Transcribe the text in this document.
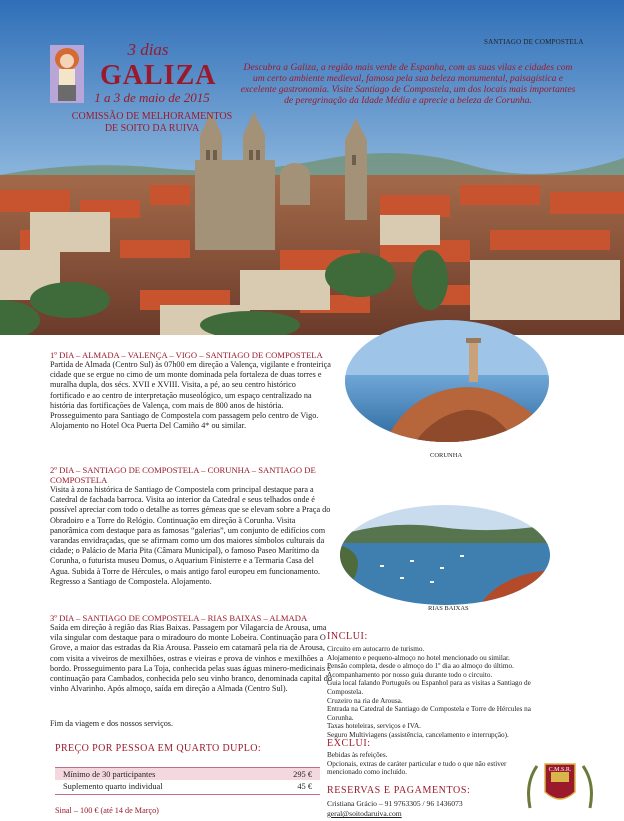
SANTIAGO DE COMPOSTELA
3 dias
GALIZA
1 a 3 de maio de 2015
COMISSÃO DE MELHORAMENTOS
DE SOITO DA RUIVA
Descubra a Galiza, a região mais verde de Espanha, com as suas vilas e cidades com um certo ambiente medieval, famosa pela sua beleza monumental, paisagística e excelente gastronomia. Visite Santiago de Compostela, um dos locais mais importantes de peregrinação da Idade Média e aprecie a beleza de Corunha.
1º DIA – ALMADA – VALENÇA – VIGO – SANTIAGO DE COMPOSTELA
Partida de Almada (Centro Sul) às 07h00 em direção a Valença, vigilante e fronteiriça cidade que se ergue no cimo de um monte dominada pela fortaleza de duas torres e muralha dupla, dos sécs. XVII e XVIII. Visita, a pé, ao seu centro histórico fortificado e ao centro de interpretação museológico, um espaço centralizado na história das fortificações de Valença, com mais de 800 anos de história. Prosseguimento para Santiago de Compostela com passagem pelo centro de Vigo. Alojamento no Hotel Oca Puerta Del Camiño 4* ou similar.
2º DIA – SANTIAGO DE COMPOSTELA – CORUNHA – SANTIAGO DE COMPOSTELA
Visita à zona histórica de Santiago de Compostela com principal destaque para a Catedral de fachada barroca. Visita ao interior da Catedral e seus telhados onde é possível apreciar com todo o detalhe as torres gémeas que se elevam sobre a Praça do Obradoiro e a Torre do Relógio. Continuação em direção à Corunha. Visita panorâmica com destaque para as famosas “galerias”, um conjunto de edifícios com varandas envidraçadas, que se afirmam como um dos maiores símbolos culturais da cidade; o Palácio de Maria Pita (Câmara Municipal), o famoso Paseo Marítimo da Corunha, o futurista museu Domus, o Aquarium Finisterre e a Termaria Casa del Agua. Subida à Torre de Hércules, o mais antigo farol europeu em funcionamento. Regresso a Santiago de Compostela. Alojamento.
3º DIA – SANTIAGO DE COMPOSTELA – RIAS BAIXAS – ALMADA
Saída em direção à região das Rias Baixas. Passagem por Vilagarcia de Arousa, uma vila singular com destaque para o miradouro do monte Lobeira. Continuação para O Grove, a maior das estradas da Ria Arousa. Passeio em catamarã pela ria de Arousa, com visita a viveiros de mexilhões, ostras e vieiras e prova de vinhos e mexilhões a bordo. Prosseguimento para La Toja, conhecida pelas suas águas minero-medicinais e continuação para Cambados, conhecida pelo seu vinho branco, denominada capital do vinho Alvarinho. Após almoço, saída em direção a Almada (Centro Sul).
Fim da viagem e dos nossos serviços.
PREÇO POR PESSOA EM QUARTO DUPLO:
Mínimo de 30 participantes	295 €
Suplemento quarto individual	45 €
Sinal – 100 € (até 14 de Março)
CORUNHA
RIAS BAIXAS
INCLUI:
Circuito em autocarro de turismo.
Alojamento e pequeno-almoço no hotel mencionado ou similar.
Pensão completa, desde o almoço do 1º dia ao almoço do último.
Acompanhamento por nosso guia durante todo o circuito.
Guia local falando Português ou Espanhol para as visitas a Santiago de Compostela.
Cruzeiro na ria de Arousa.
Entrada na Catedral de Santiago de Compostela e Torre de Hércules na Corunha.
Taxas hoteleiras, serviços e IVA.
Seguro Multiviagens (assistência, cancelamento e interrupção).
EXCLUI:
Bebidas às refeições.
Opcionais, extras de caráter particular e tudo o que não estiver mencionado como incluído.
RESERVAS E PAGAMENTOS:
Cristiana Grácio – 91 9763305 / 96 1436073
geral@soitodaruiva.com
C.M.S.R.
